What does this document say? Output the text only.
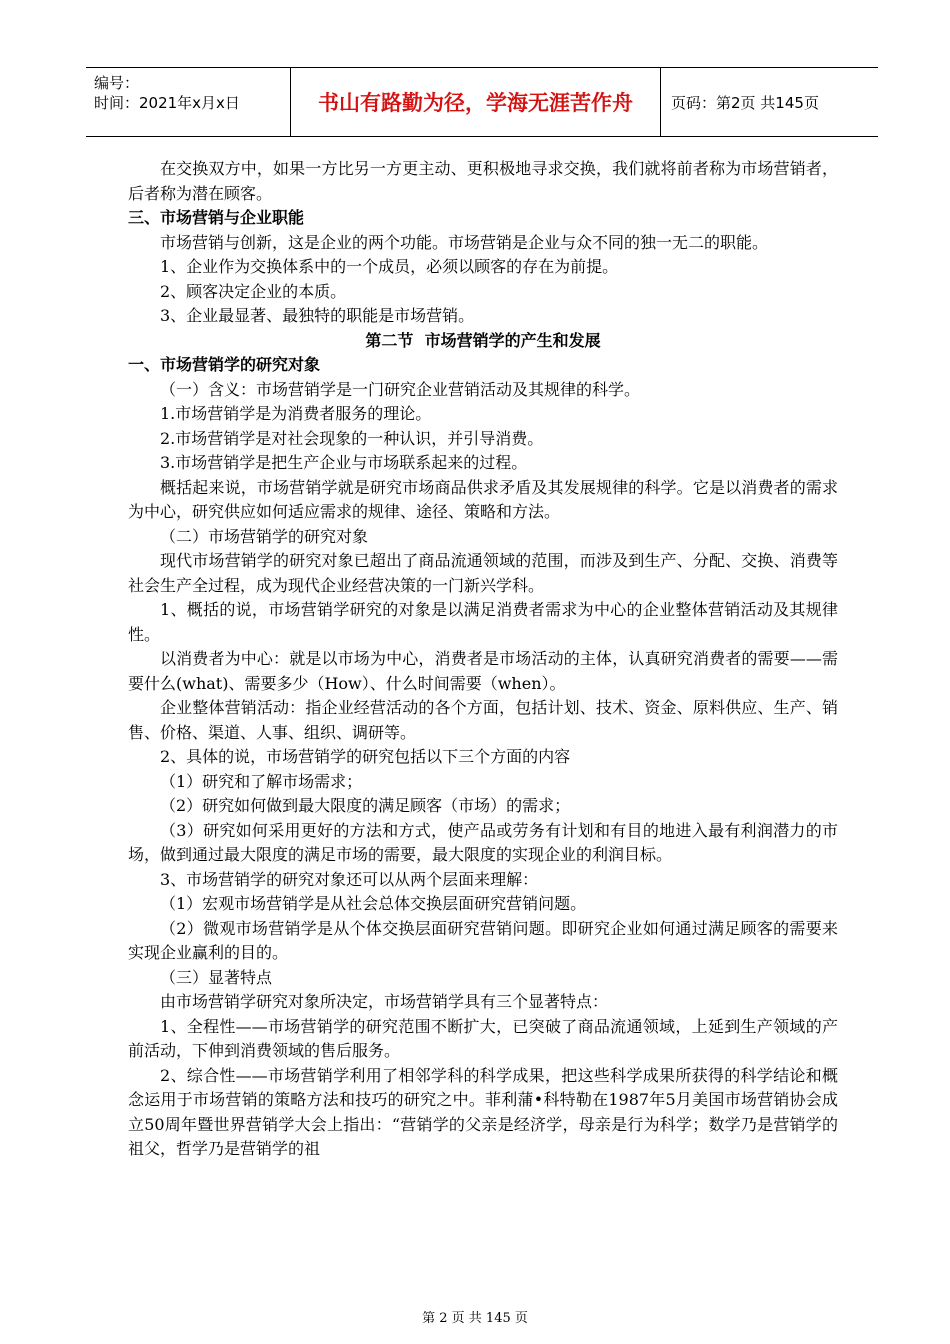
编号：
时间：2021年x月x日	书山有路勤为径，学海无涯苦作舟	页码：第2页 共145页

在交换双方中，如果一方比另一方更主动、更积极地寻求交换，我们就将前者称为市场营销者，后者称为潜在顾客。

三、市场营销与企业职能

市场营销与创新，这是企业的两个功能。市场营销是企业与众不同的独一无二的职能。

1、企业作为交换体系中的一个成员，必须以顾客的存在为前提。

2、顾客决定企业的本质。

3、企业最显著、最独特的职能是市场营销。

第二节  市场营销学的产生和发展

一、市场营销学的研究对象

（一）含义：市场营销学是一门研究企业营销活动及其规律的科学。

1.市场营销学是为消费者服务的理论。

2.市场营销学是对社会现象的一种认识，并引导消费。

3.市场营销学是把生产企业与市场联系起来的过程。

概括起来说，市场营销学就是研究市场商品供求矛盾及其发展规律的科学。它是以消费者的需求为中心，研究供应如何适应需求的规律、途径、策略和方法。

（二）市场营销学的研究对象

现代市场营销学的研究对象已超出了商品流通领域的范围，而涉及到生产、分配、交换、消费等社会生产全过程，成为现代企业经营决策的一门新兴学科。

1、概括的说，市场营销学研究的对象是以满足消费者需求为中心的企业整体营销活动及其规律性。

以消费者为中心：就是以市场为中心，消费者是市场活动的主体，认真研究消费者的需要——需要什么(what)、需要多少（How）、什么时间需要（when）。

企业整体营销活动：指企业经营活动的各个方面，包括计划、技术、资金、原料供应、生产、销售、价格、渠道、人事、组织、调研等。

2、具体的说，市场营销学的研究包括以下三个方面的内容

（1）研究和了解市场需求；

（2）研究如何做到最大限度的满足顾客（市场）的需求；

（3）研究如何采用更好的方法和方式，使产品或劳务有计划和有目的地进入最有利润潜力的市场，做到通过最大限度的满足市场的需要，最大限度的实现企业的利润目标。

3、市场营销学的研究对象还可以从两个层面来理解：

（1）宏观市场营销学是从社会总体交换层面研究营销问题。

（2）微观市场营销学是从个体交换层面研究营销问题。即研究企业如何通过满足顾客的需要来实现企业赢利的目的。

（三）显著特点

由市场营销学研究对象所决定，市场营销学具有三个显著特点：

1、全程性——市场营销学的研究范围不断扩大，已突破了商品流通领域，上延到生产领域的产前活动，下伸到消费领域的售后服务。

2、综合性——市场营销学利用了相邻学科的科学成果，把这些科学成果所获得的科学结论和概念运用于市场营销的策略方法和技巧的研究之中。菲利蒲•科特勒在1987年5月美国市场营销协会成立50周年暨世界营销学大会上指出：“营销学的父亲是经济学，母亲是行为科学；数学乃是营销学的祖父，哲学乃是营销学的祖

第 2 页 共 145 页
